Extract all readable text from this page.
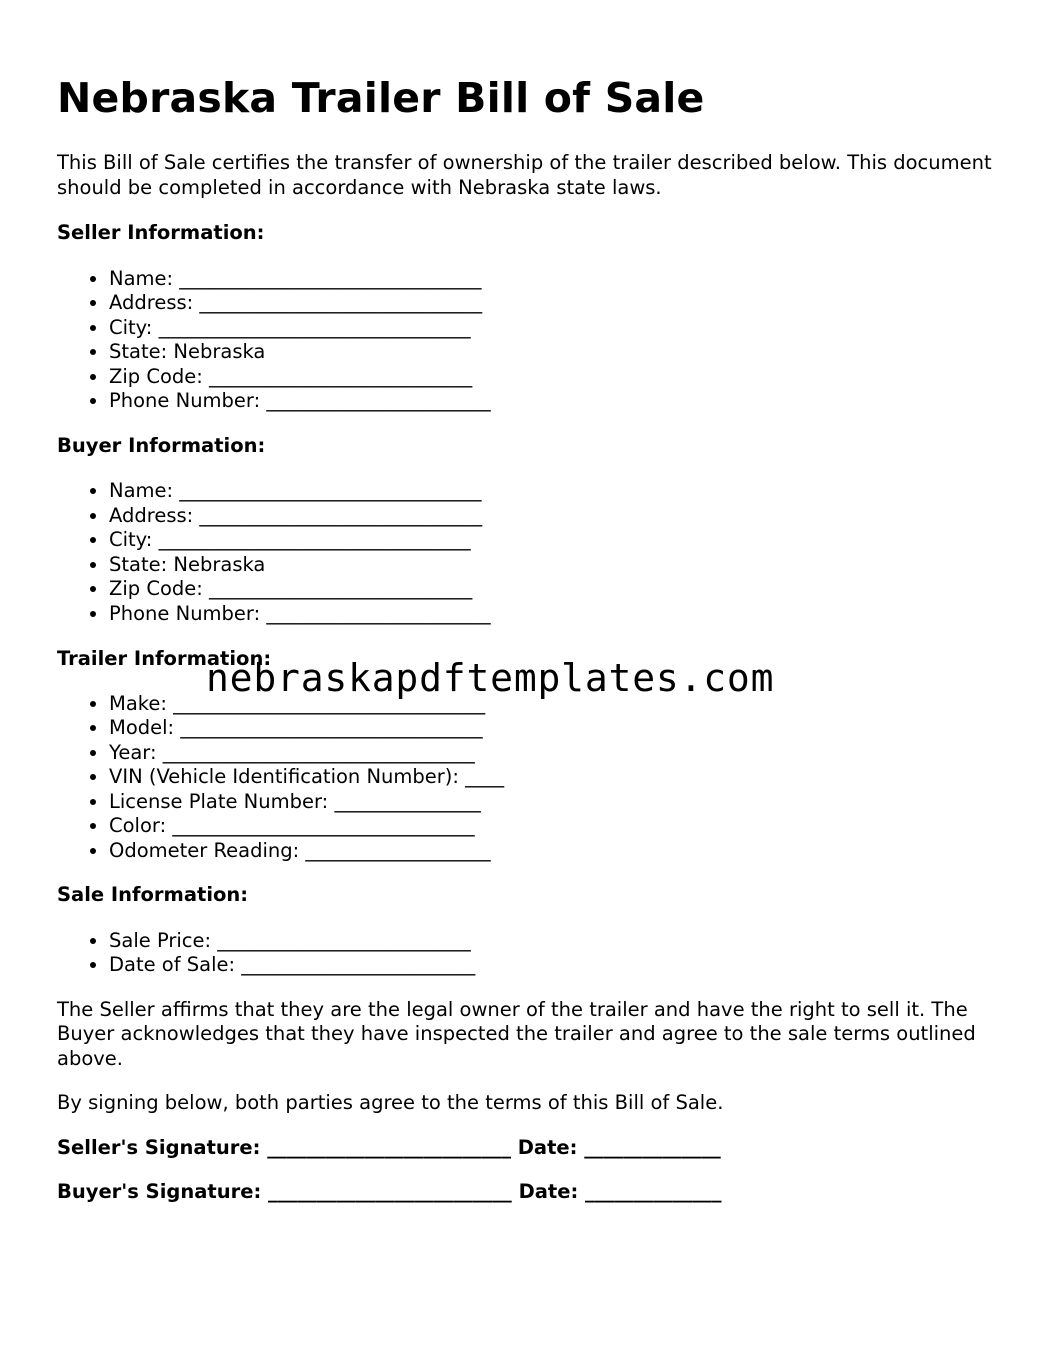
Nebraska Trailer Bill of Sale

This Bill of Sale certifies the transfer of ownership of the trailer described below. This document should be completed in accordance with Nebraska state laws.

Seller Information:

• Name: _______________________________
• Address: _____________________________
• City: ________________________________
• State: Nebraska
• Zip Code: ___________________________
• Phone Number: _______________________

Buyer Information:

• Name: _______________________________
• Address: _____________________________
• City: ________________________________
• State: Nebraska
• Zip Code: ___________________________
• Phone Number: _______________________

Trailer Information:

• Make: ________________________________
• Model: _______________________________
• Year: ________________________________
• VIN (Vehicle Identification Number): ____
• License Plate Number: _______________
• Color: _______________________________
• Odometer Reading: ___________________

Sale Information:

• Sale Price: __________________________
• Date of Sale: ________________________

The Seller affirms that they are the legal owner of the trailer and have the right to sell it. The Buyer acknowledges that they have inspected the trailer and agree to the sale terms outlined above.

By signing below, both parties agree to the terms of this Bill of Sale.

Seller's Signature: _________________________ Date: ______________

Buyer's Signature: _________________________ Date: ______________

nebraskapdftemplates.com
